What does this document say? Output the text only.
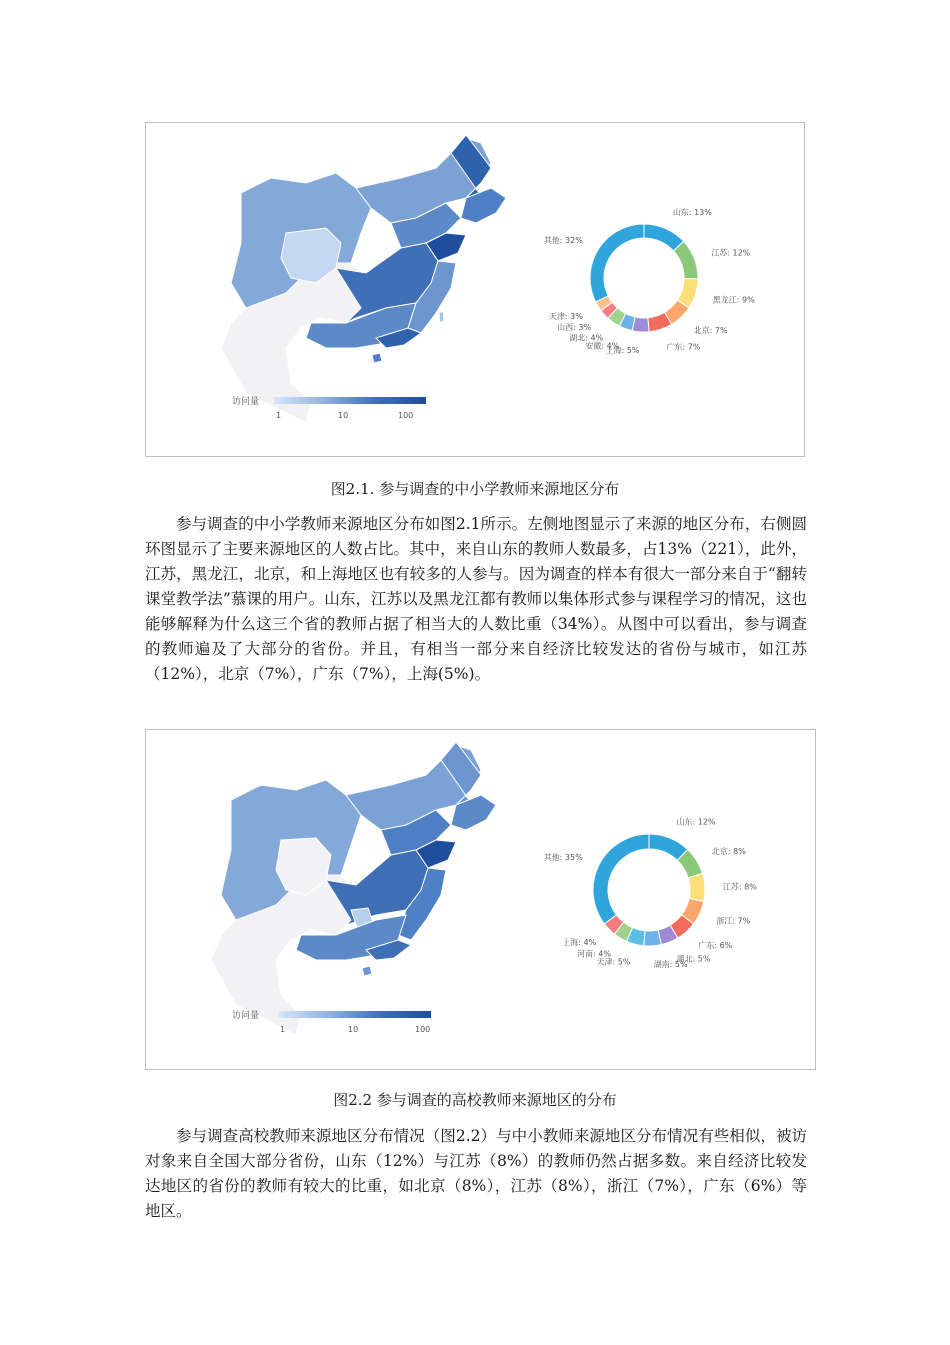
山东: 13%
江苏: 12%
黑龙江: 9%
北京: 7%
广东: 7%
上海: 5%
安徽: 4%
湖北: 4%
山西: 3%
天津: 3%
其他: 32%
访问量
1	10	100
图2.1. 参与调查的中小学教师来源地区分布

参与调查的中小学教师来源地区分布如图2.1所示。左侧地图显示了来源的地区分布，右侧圆环图显示了主要来源地区的人数占比。其中，来自山东的教师人数最多，占13%（221），此外，江苏，黑龙江，北京，和上海地区也有较多的人参与。因为调查的样本有很大一部分来自于“翻转课堂教学法”慕课的用户。山东，江苏以及黑龙江都有教师以集体形式参与课程学习的情况，这也能够解释为什么这三个省的教师占据了相当大的人数比重（34%）。从图中可以看出，参与调查的教师遍及了大部分的省份。并且，有相当一部分来自经济比较发达的省份与城市，如江苏（12%），北京（7%），广东（7%），上海(5%)。

山东: 12%
北京: 8%
江苏: 8%
浙江: 7%
广东: 6%
湖北: 5%
湖南: 5%
天津: 5%
河南: 4%
上海: 4%
其他: 35%
访问量
1	10	100
图2.2 参与调查的高校教师来源地区的分布

参与调查高校教师来源地区分布情况（图2.2）与中小教师来源地区分布情况有些相似，被访对象来自全国大部分省份，山东（12%）与江苏（8%）的教师仍然占据多数。来自经济比较发达地区的省份的教师有较大的比重，如北京（8%），江苏（8%），浙江（7%），广东（6%）等地区。
